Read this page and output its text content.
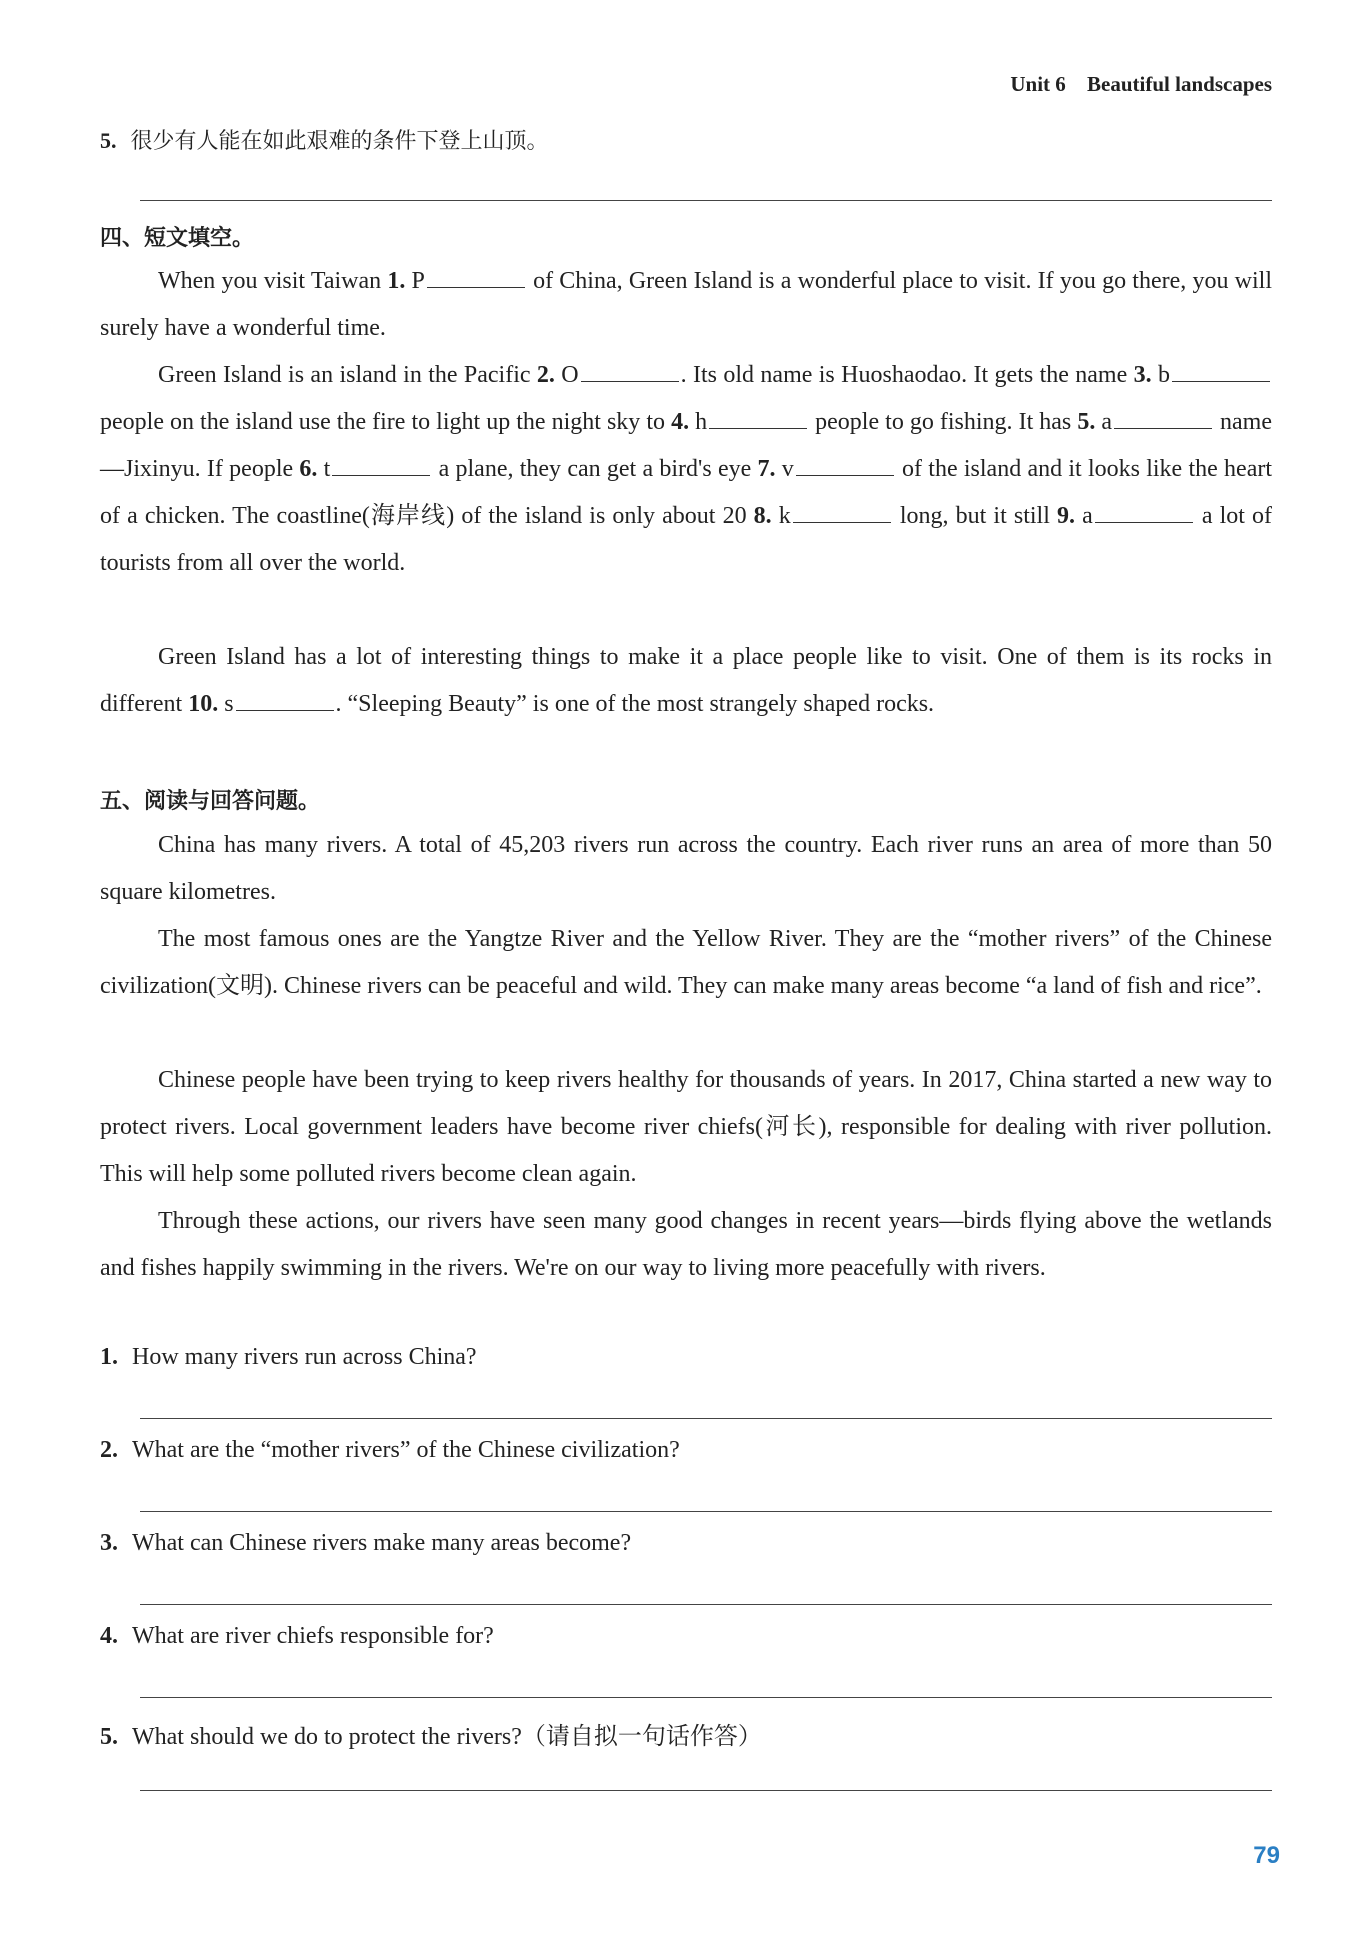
Unit 6 Beautiful landscapes
5. 很少有人能在如此艰难的条件下登上山顶。
四、短文填空。

When you visit Taiwan 1. P	of China, Green Island is a wonderful place to visit. If you go there, you will surely have a wonderful time.

Green Island is an island in the Pacific 2. O	. Its old name is Huoshaodao. It gets the name 3. b people on the island use the fire to light up the night sky to 4. h	people to go fishing. It has 5. a	name—Jixinyu. If people 6. t	a plane, they can get a bird's eye 7. v	of the island and it looks like the heart of a chicken. The coastline(海岸线) of the island is only about 20 8. k	long, but it still 9. a	a lot of tourists from all over the world.

Green Island has a lot of interesting things to make it a place people like to visit. One of them is its rocks in different 10. s	. “Sleeping Beauty” is one of the most strangely shaped rocks.

五、阅读与回答问题。

China has many rivers. A total of 45,203 rivers run across the country. Each river runs an area of more than 50 square kilometres.

The most famous ones are the Yangtze River and the Yellow River. They are the “mother rivers” of the Chinese civilization(文明). Chinese rivers can be peaceful and wild. They can make many areas become “a land of fish and rice”.

Chinese people have been trying to keep rivers healthy for thousands of years. In 2017, China started a new way to protect rivers. Local government leaders have become river chiefs(河长), responsible for dealing with river pollution. This will help some polluted rivers become clean again.

Through these actions, our rivers have seen many good changes in recent years—birds flying above the wetlands and fishes happily swimming in the rivers. We're on our way to living more peacefully with rivers.

1. How many rivers run across China?
2. What are the “mother rivers” of the Chinese civilization?
3. What can Chinese rivers make many areas become?
4. What are river chiefs responsible for?
5. What should we do to protect the rivers?（请自拟一句话作答）
79
